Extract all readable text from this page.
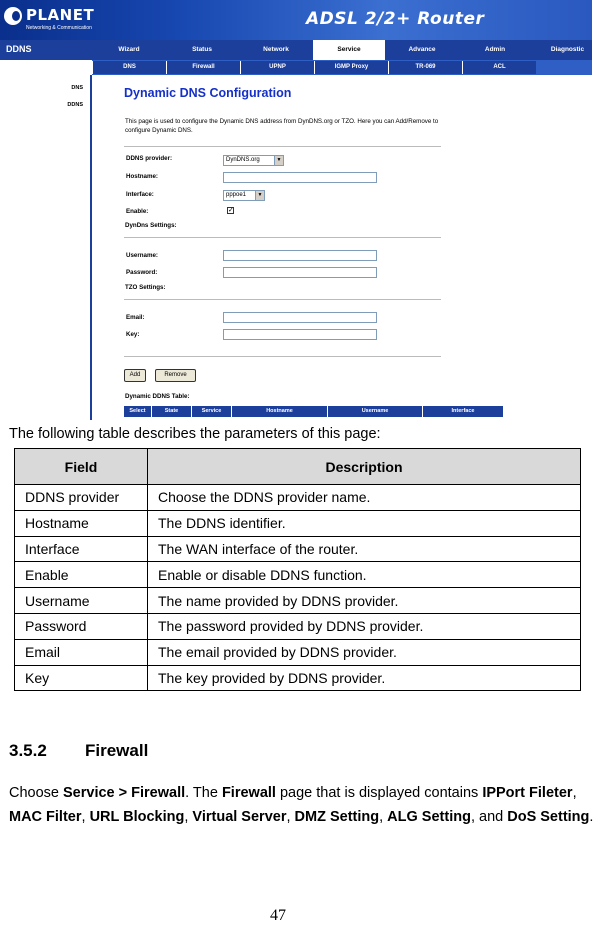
PLANET
Networking & Communication	ADSL 2/2+ Router
DDNS	Wizard	Status	Network	Service	Advance	Admin	Diagnostic
DNS	Firewall	UPNP	IGMP Proxy	TR-069	ACL
DNS
DDNS
Dynamic DNS Configuration
This page is used to configure the Dynamic DNS address from DynDNS.org or TZO. Here you can Add/Remove to configure Dynamic DNS.
DDNS provider:	DynDNS.org	▼
Hostname:
Interface:	pppoe1	▼
Enable:	✓
DynDns Settings:
Username:
Password:
TZO Settings:
Email:
Key:
Add	Remove
Dynamic DDNS Table:
Select	State	Service	Hostname	Username	Interface
The following table describes the parameters of this page:
Field	Description
DDNS provider	Choose the DDNS provider name.
Hostname	The DDNS identifier.
Interface	The WAN interface of the router.
Enable	Enable or disable DDNS function.
Username	The name provided by DDNS provider.
Password	The password provided by DDNS provider.
Email	The email provided by DDNS provider.
Key	The key provided by DDNS provider.
3.5.2 Firewall
Choose Service > Firewall. The Firewall page that is displayed contains IPPort Fileter, MAC Filter, URL Blocking, Virtual Server, DMZ Setting, ALG Setting, and DoS Setting.
47
